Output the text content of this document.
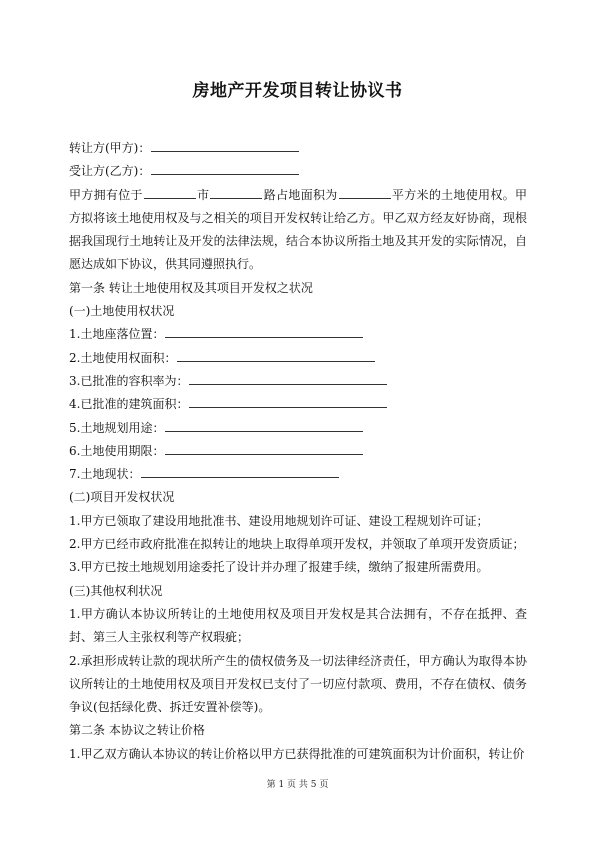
房地产开发项目转让协议书
转让方(甲方)：
受让方(乙方)：
甲方拥有位于	市	路占地面积为	平方米的土地使用权。甲方拟将该土地使用权及与之相关的项目开发权转让给乙方。甲乙双方经友好协商，现根据我国现行土地转让及开发的法律法规，结合本协议所指土地及其开发的实际情况，自愿达成如下协议，供其同遵照执行。
第一条 转让土地使用权及其项目开发权之状况
(一)土地使用权状况
1.土地座落位置：
2.土地使用权面积：
3.已批准的容积率为：
4.已批准的建筑面积：
5.土地规划用途：
6.土地使用期限：
7.土地现状：
(二)项目开发权状况
1.甲方已领取了建设用地批准书、建设用地规划许可证、建设工程规划许可证；
2.甲方已经市政府批准在拟转让的地块上取得单项开发权，并领取了单项开发资质证；
3.甲方已按土地规划用途委托了设计并办理了报建手续，缴纳了报建所需费用。
(三)其他权利状况
1.甲方确认本协议所转让的土地使用权及项目开发权是其合法拥有，不存在抵押、查封、第三人主张权利等产权瑕疵；
2.承担形成转让款的现状所产生的债权债务及一切法律经济责任，甲方确认为取得本协议所转让的土地使用权及项目开发权已支付了一切应付款项、费用，不存在债权、债务争议(包括绿化费、拆迁安置补偿等)。
第二条 本协议之转让价格
1.甲乙双方确认本协议的转让价格以甲方已获得批准的可建筑面积为计价面积，转让价
第 1 页 共 5 页
